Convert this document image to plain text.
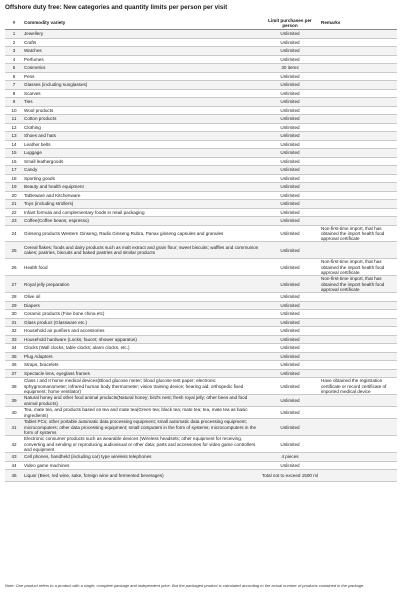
Offshore duty free: New categories and quantity limits per person per visit
#	Commodity variety	Limit purchases per person	Remarks
1	Jewellery	Unlimited	
2	Crafts	Unlimited	
3	Watches	Unlimited	
4	Perfumes	Unlimited	
5	Cosmetics	30 items	
6	Pens	Unlimited	
7	Glasses (including sunglasses)	Unlimited	
8	Scarves	Unlimited	
9	Ties	Unlimited	
10	Wool products	Unlimited	
11	Cotton products	Unlimited	
12	Clothing	Unlimited	
13	Shoes and hats	Unlimited	
14	Leather belts	Unlimited	
15	Luggage	Unlimited	
16	Small leathergoods	Unlimited	
17	Candy	Unlimited	
18	Sporting goods	Unlimited	
19	Beauty and health equipment	Unlimited	
20	Tableware and Kitchenware	Unlimited	
21	Toys (including strollers)	Unlimited	
22	Infant formula and complementary foods in retail packaging	Unlimited	
23	Coffee(Coffee beans; espresso)	Unlimited	
24	Ginseng products Western Ginseng, Radix Ginseng Rubra, Panax ginseng capsules and granules	Unlimited	Non-first-time import, that has obtained the import health food approval certificate
25	Cereal flakes; foods and dairy products such as malt extract and grain flour; sweet biscuits; waffles and communion cakes; pastries, biscuits and baked pastries and similar products	Unlimited	
26	Health food	Unlimited	Non-first-time import, that has obtained the import health food approval certificate
27	Royal jelly preparation	Unlimited	Non-first-time import, that has obtained the import health food approval certificate
28	Olive oil	Unlimited	
29	Diapers	Unlimited	
30	Ceramic products (Fine bone china etc)	Unlimited	
31	Glass product (Glassware etc.)	Unlimited	
32	Household air purifiers and accessories	Unlimited	
33	Household hardware (Locks; faucet; shower apparatus)	Unlimited	
34	Clocks (Wall clocks; table clocks; alarm clocks, etc.)	Unlimited	
35	Plug Adapters	Unlimited	
36	Straps, bracelets	Unlimited	
37	Spectacle lens, eyeglass frames	Unlimited	
38	Class I and II home medical devices(Blood glucose meter; blood glucose test paper; electronic sphygmomanometer; infrared human body thermometer; vision training device; hearing aid; orthopedic fixed equipment; home ventilator)	Unlimited	Have obtained the registration certificate or record certificate of imported medical device
39	Natural honey and other food animal products(Natural honey; bird's nest; fresh royal jelly; other bees and food animal products)	Unlimited	
40	Tea, mate tea, and products based on tea and mate tea(Green tea; black tea; mate tea; tea, mate tea as basic ingredients)	Unlimited	
41	Tablet PCs; other portable automatic data processing equipment; small automatic data processing equipment; microcomputers; other data processing equipment; small computers in the form of systems; microcomputers in the form of systems	Unlimited	
42	Electronic consumer products such as wearable devices (Wireless headsets; other equipment for receiving, converting and sending or reproducing audiovisual or other data; parts and accessories for video game controllers and equipment	Unlimited	
43	Cell phones, handheld (including car) type wireless telephones	4 pieces	
44	Video game machines	Unlimited	
45	Liquor (Beer, red wine, sake, foreign wine and fermented beverages)	Total not to exceed 1500 ml	
Note: One product refers to a product with a single, complete package and independent price. But the packaged product is calculated according to the actual number of products contained in the package.
